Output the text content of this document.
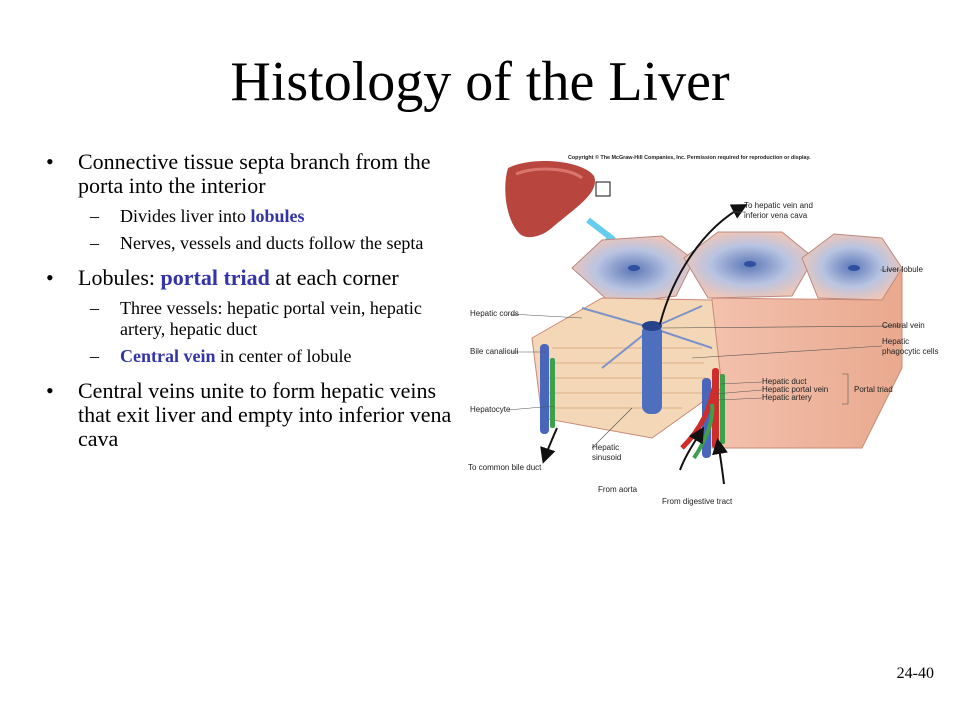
Histology of the Liver
• Connective tissue septa branch from the porta into the interior
– Divides liver into lobules
– Nerves, vessels and ducts follow the septa
• Lobules: portal triad at each corner
– Three vessels: hepatic portal vein, hepatic artery, hepatic duct
– Central vein in center of lobule
• Central veins unite to form hepatic veins that exit liver and empty into inferior vena cava
Copyright © The McGraw-Hill Companies, Inc. Permission required for reproduction or display.
To hepatic vein and
inferior vena cava
Liver lobule
Hepatic cords
Central vein
Bile canaliculi
Hepatic
phagocytic cells
Hepatic duct
Hepatic portal vein
Hepatic artery
Portal triad
Hepatocyte
Hepatic
sinusoid
To common bile duct
From aorta
From digestive tract
24-40
